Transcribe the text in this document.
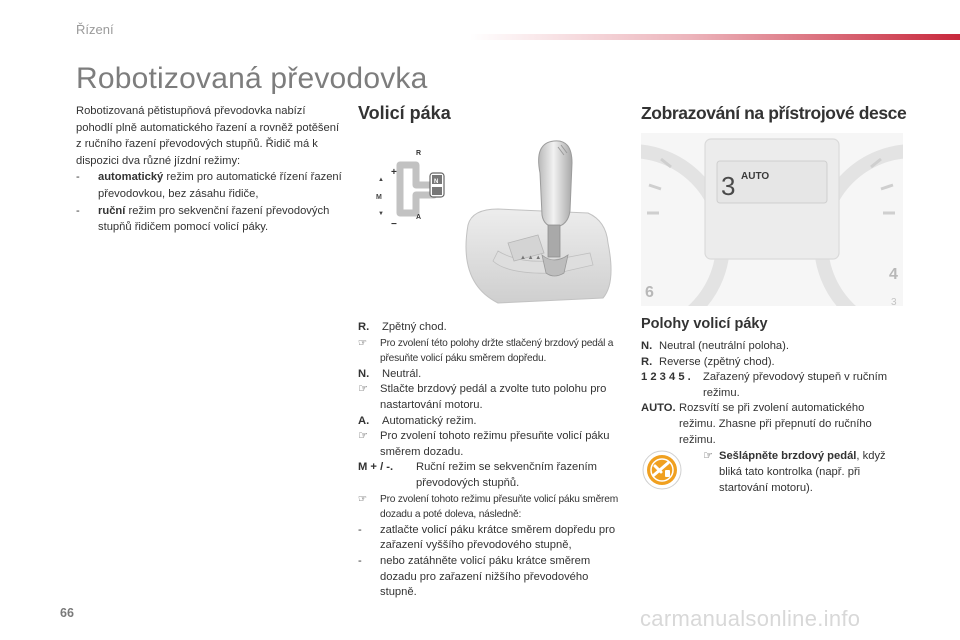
Řízení
Robotizovaná převodovka

Robotizovaná pětistupňová převodovka nabízí pohodlí plně automatického řazení a rovněž potěšení z ručního řazení převodových stupňů. Řidič má k dispozici dva různé jízdní režimy:

-	automatický režim pro automatické řízení řazení převodovkou, bez zásahu řidiče,
-	ruční režim pro sekvenční řazení převodových stupňů řidičem pomocí volicí páky.
Volicí páka	Zobrazování na přístrojové desce
▲
M
▼
+
−
R
A
N
▲ ▲ ▲
3 AUTO
6
4
3
R.	Zpětný chod.
☞	Pro zvolení této polohy držte stlačený brzdový pedál a přesuňte volicí páku směrem dopředu.
N.	Neutrál.
☞	Stlačte brzdový pedál a zvolte tuto polohu pro nastartování motoru.
A.	Automatický režim.
☞	Pro zvolení tohoto režimu přesuňte volicí páku směrem dozadu.
M + / -.	Ruční režim se sekvenčním řazením převodových stupňů.
☞	Pro zvolení tohoto režimu přesuňte volicí páku směrem dozadu a poté doleva, následně:
-	zatlačte volicí páku krátce směrem dopředu pro zařazení vyššího převodového stupně,
-	nebo zatáhněte volicí páku krátce směrem dozadu pro zařazení nižšího převodového stupně.
Polohy volicí páky
N. Neutral (neutrální poloha).
R. Reverse (zpětný chod).
1 2 3 4 5 .	Zařazený převodový stupeň v ručním režimu.
AUTO. Rozsvítí se při zvolení automatického režimu. Zhasne při přepnutí do ručního režimu.
☞ Sešlápněte brzdový pedál, když bliká tato kontrolka (např. při startování motoru).
66	carmanualsonline.info
